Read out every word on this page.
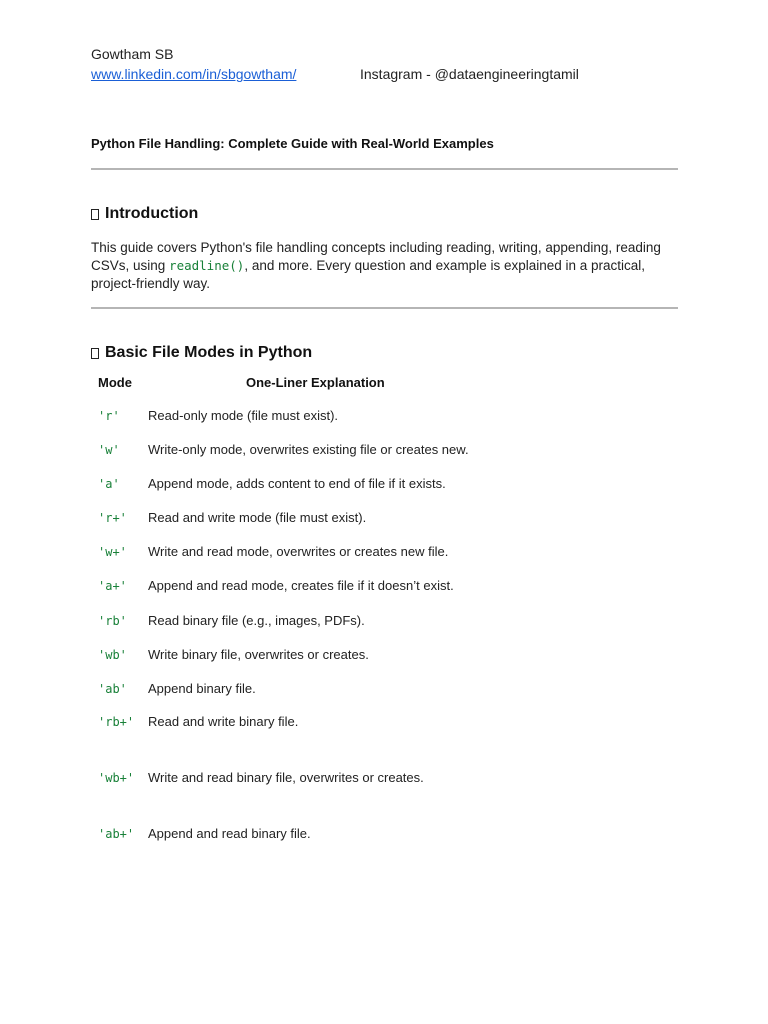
Gowtham SB
www.linkedin.com/in/sbgowtham/	Instagram - @dataengineeringtamil
Python File Handling: Complete Guide with Real-World Examples
Introduction
This guide covers Python's file handling concepts including reading, writing, appending, reading CSVs, using readline(), and more. Every question and example is explained in a practical, project-friendly way.
Basic File Modes in Python
Mode	One-Liner Explanation
'r'	Read-only mode (file must exist).
'w'	Write-only mode, overwrites existing file or creates new.
'a'	Append mode, adds content to end of file if it exists.
'r+'	Read and write mode (file must exist).
'w+'	Write and read mode, overwrites or creates new file.
'a+'	Append and read mode, creates file if it doesn’t exist.
'rb'	Read binary file (e.g., images, PDFs).
'wb'	Write binary file, overwrites or creates.
'ab'	Append binary file.
'rb+' Read and write binary file.
'wb+' Write and read binary file, overwrites or creates.
'ab+' Append and read binary file.
